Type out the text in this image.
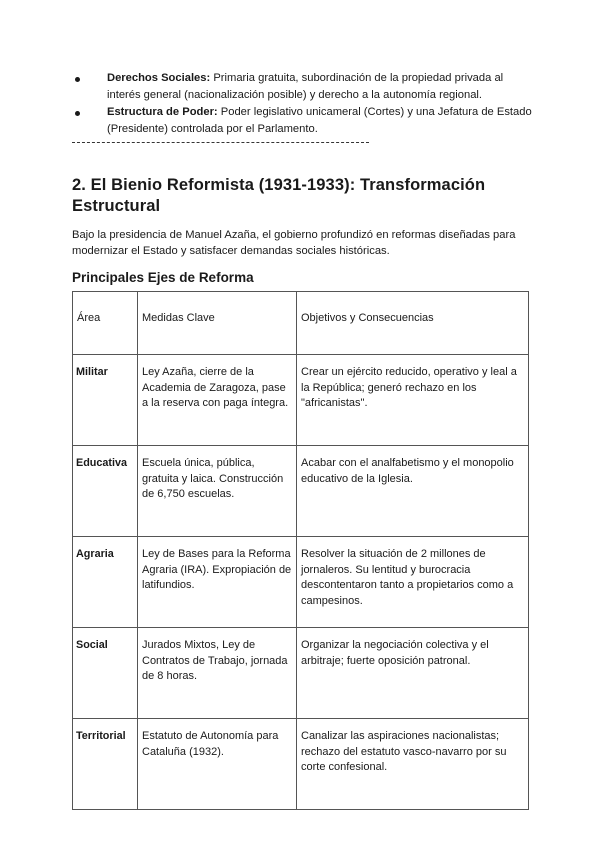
Derechos Sociales: Primaria gratuita, subordinación de la propiedad privada al interés general (nacionalización posible) y derecho a la autonomía regional.
Estructura de Poder: Poder legislativo unicameral (Cortes) y una Jefatura de Estado (Presidente) controlada por el Parlamento.
2. El Bienio Reformista (1931-1933): Transformación Estructural
Bajo la presidencia de Manuel Azaña, el gobierno profundizó en reformas diseñadas para modernizar el Estado y satisfacer demandas sociales históricas.
Principales Ejes de Reforma
Área	Medidas Clave	Objetivos y Consecuencias
Militar	Ley Azaña, cierre de la Academia de Zaragoza, pase a la reserva con paga íntegra.	Crear un ejército reducido, operativo y leal a la República; generó rechazo en los "africanistas".
Educativa	Escuela única, pública, gratuita y laica. Construcción de 6,750 escuelas.	Acabar con el analfabetismo y el monopolio educativo de la Iglesia.
Agraria	Ley de Bases para la Reforma Agraria (IRA). Expropiación de latifundios.	Resolver la situación de 2 millones de jornaleros. Su lentitud y burocracia descontentaron tanto a propietarios como a campesinos.
Social	Jurados Mixtos, Ley de Contratos de Trabajo, jornada de 8 horas.	Organizar la negociación colectiva y el arbitraje; fuerte oposición patronal.
Territorial	Estatuto de Autonomía para Cataluña (1932).	Canalizar las aspiraciones nacionalistas; rechazo del estatuto vasco-navarro por su corte confesional.
